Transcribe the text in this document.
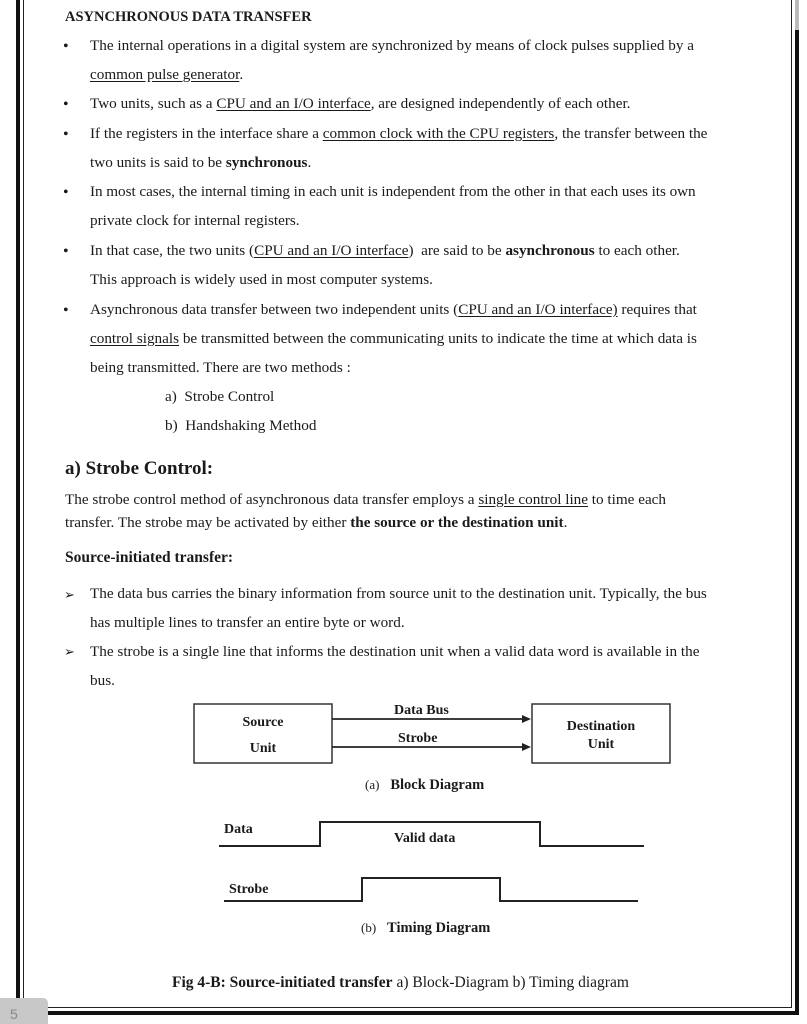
ASYNCHRONOUS DATA TRANSFER
• The internal operations in a digital system are synchronized by means of clock pulses supplied by a
common pulse generator.
• Two units, such as a CPU and an I/O interface, are designed independently of each other.
• If the registers in the interface share a common clock with the CPU registers, the transfer between the
two units is said to be synchronous.
• In most cases, the internal timing in each unit is independent from the other in that each uses its own
private clock for internal registers.
• In that case, the two units (CPU and an I/O interface)  are said to be asynchronous to each other.
This approach is widely used in most computer systems.
• Asynchronous data transfer between two independent units (CPU and an I/O interface) requires that
control signals be transmitted between the communicating units to indicate the time at which data is
being transmitted. There are two methods :
a) Strobe Control
b) Handshaking Method
a) Strobe Control:
The strobe control method of asynchronous data transfer employs a single control line to time each
transfer. The strobe may be activated by either the source or the destination unit.
Source-initiated transfer:
➢ The data bus carries the binary information from source unit to the destination unit. Typically, the bus
has multiple lines to transfer an entire byte or word.
➢ The strobe is a single line that informs the destination unit when a valid data word is available in the
bus.
Source
Unit
Destination
Unit
Data Bus
Strobe
(a) Block Diagram
Data
Valid data
Strobe
(b) Timing Diagram
Fig 4-B: Source-initiated transfer a) Block-Diagram b) Timing diagram
5
